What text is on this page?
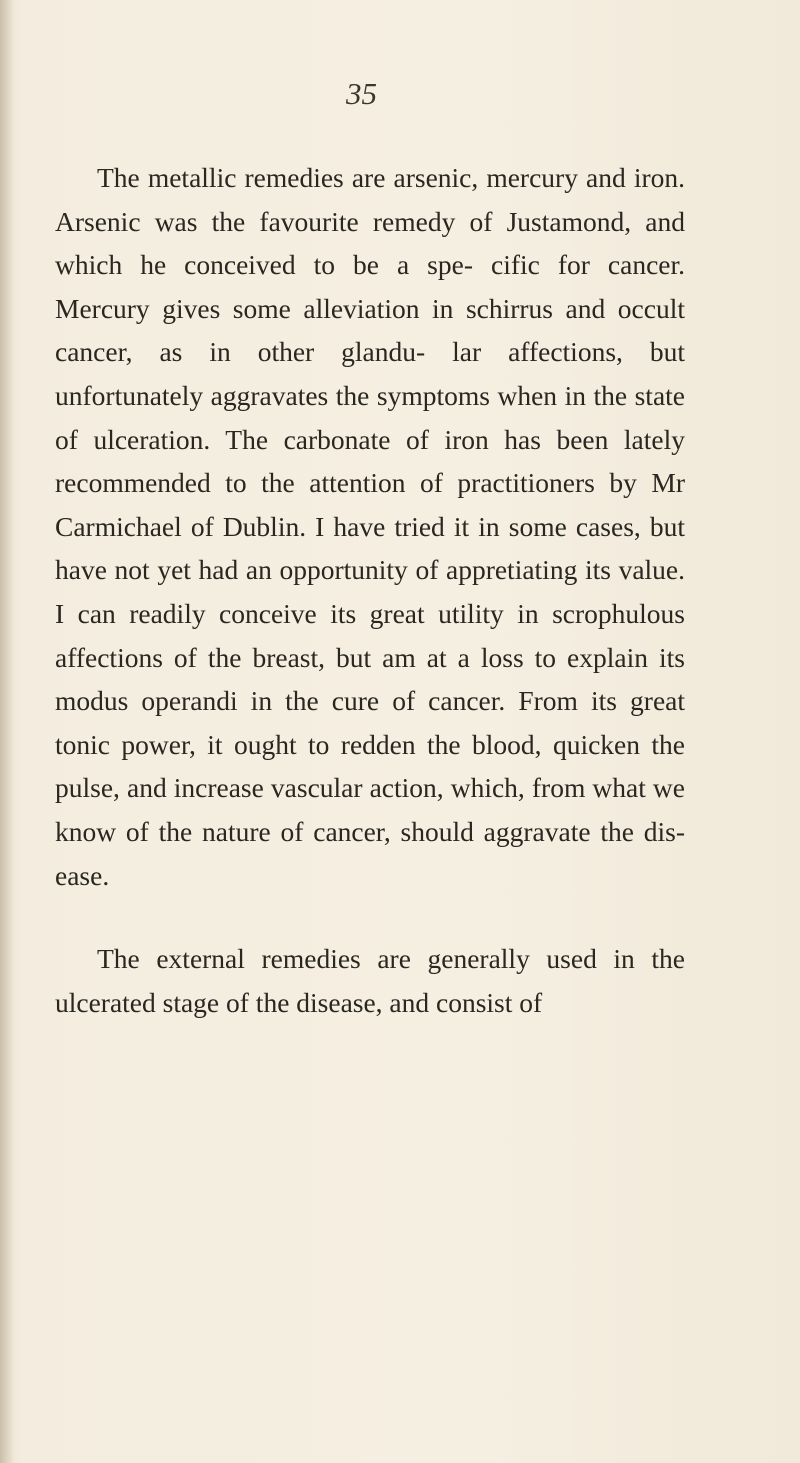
35

The metallic remedies are arsenic, mercury and iron. Arsenic was the favourite remedy of Justamond, and which he conceived to be a spe- cific for cancer. Mercury gives some alleviation in schirrus and occult cancer, as in other glandu- lar affections, but unfortunately aggravates the symptoms when in the state of ulceration. The carbonate of iron has been lately recommended to the attention of practitioners by Mr Carmichael of Dublin. I have tried it in some cases, but have not yet had an opportunity of appretiating its value. I can readily conceive its great utility in scrophulous affections of the breast, but am at a loss to explain its modus operandi in the cure of cancer. From its great tonic power, it ought to redden the blood, quicken the pulse, and increase vascular action, which, from what we know of the nature of cancer, should aggravate the dis- ease.

The external remedies are generally used in the ulcerated stage of the disease, and consist of
